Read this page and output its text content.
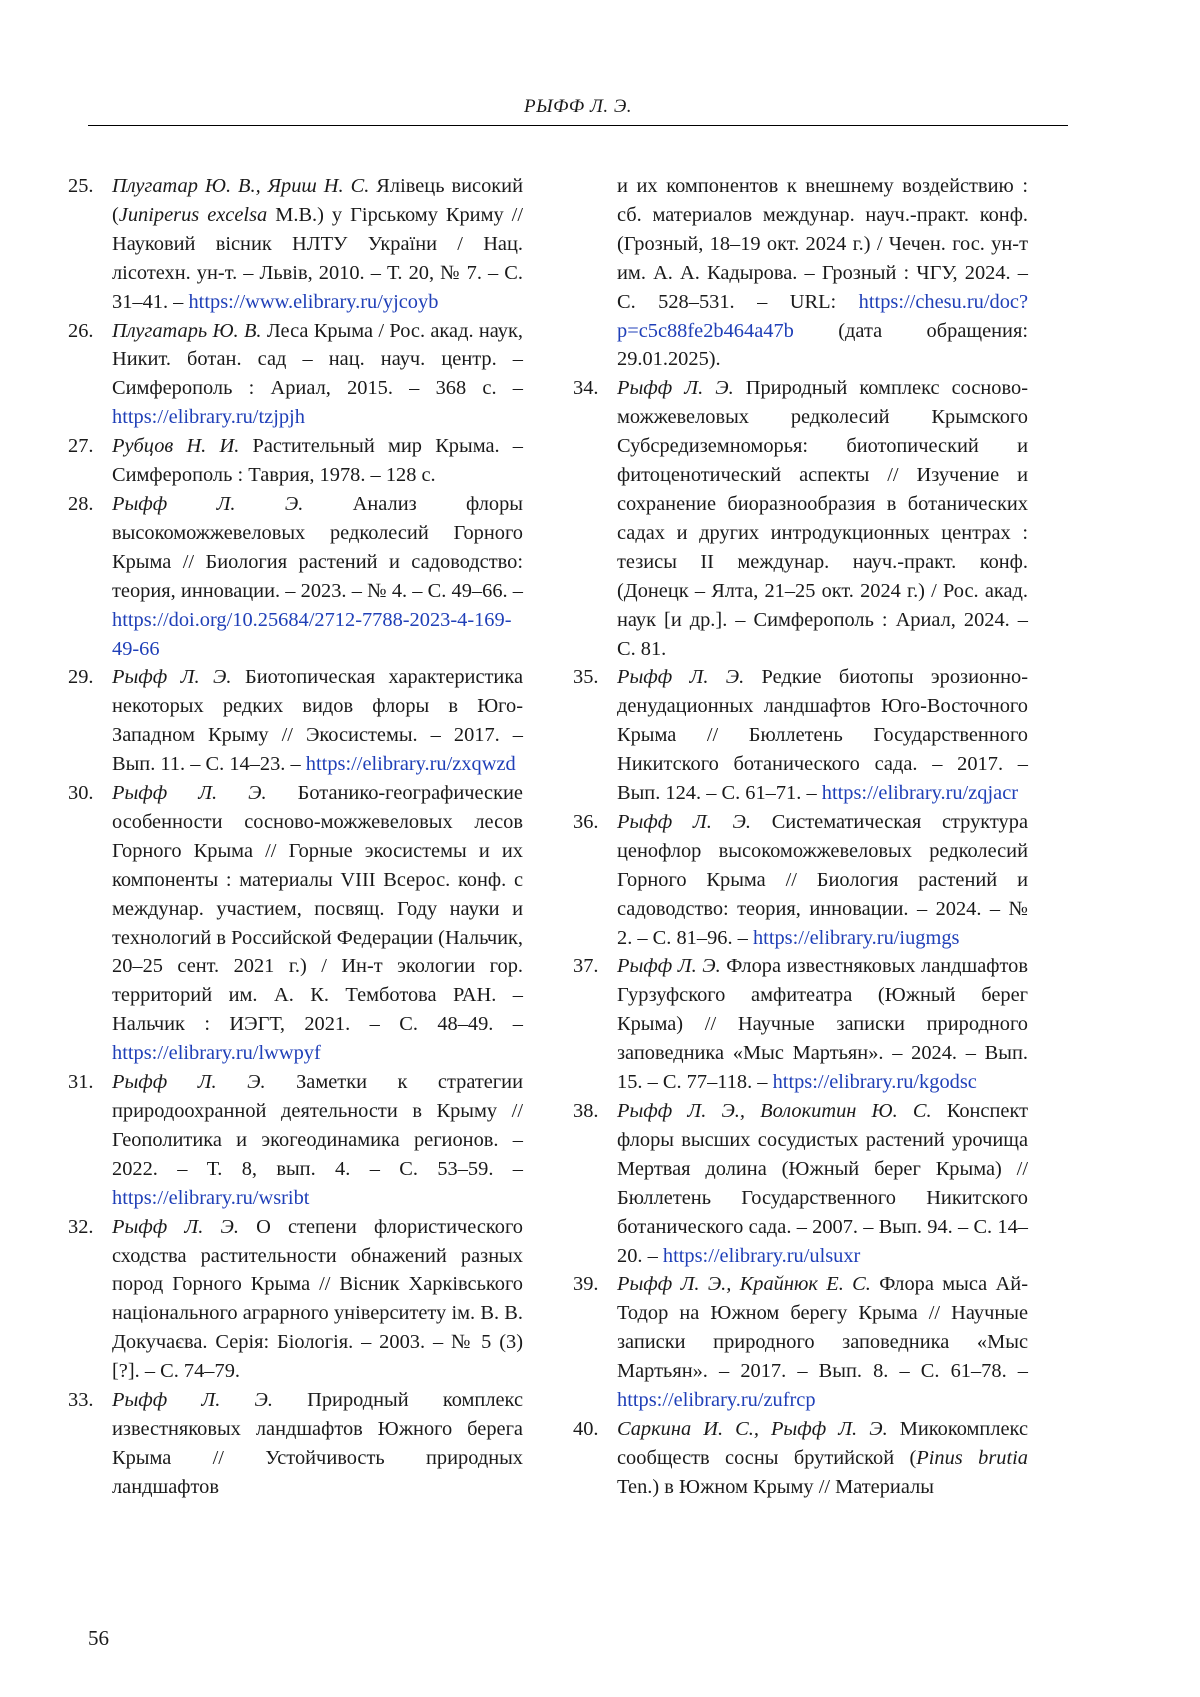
РЫФФ Л. Э.

25. Плугатар Ю. В., Яриш Н. С. Ялівець високий (Juniperus excelsa M.B.) у Гірському Криму // Науковий вісник НЛТУ України / Нац. лісотехн. ун-т. – Львів, 2010. – Т. 20, № 7. – С. 31–41. – https://www.elibrary.ru/yjcoyb

26. Плугатарь Ю. В. Леса Крыма / Рос. акад. наук, Никит. ботан. сад – нац. науч. центр. – Симферополь : Ариал, 2015. – 368 с. – https://elibrary.ru/tzjpjh

27. Рубцов Н. И. Растительный мир Крыма. – Симферополь : Таврия, 1978. – 128 с.

28. Рыфф Л. Э. Анализ флоры высокоможжевеловых редколесий Горного Крыма // Биология растений и садоводство: теория, инновации. – 2023. – № 4. – С. 49–66. – https://doi.org/10.25684/2712-7788-2023-4-169-49-66

29. Рыфф Л. Э. Биотопическая характеристика некоторых редких видов флоры в Юго-Западном Крыму // Экосистемы. – 2017. – Вып. 11. – С. 14–23. – https://elibrary.ru/zxqwzd

30. Рыфф Л. Э. Ботанико-географические особенности сосново-можжевеловых лесов Горного Крыма // Горные экосистемы и их компоненты : материалы VIII Всерос. конф. с междунар. участием, посвящ. Году науки и технологий в Российской Федерации (Нальчик, 20–25 сент. 2021 г.) / Ин-т экологии гор. территорий им. А. К. Темботова РАН. – Нальчик : ИЭГТ, 2021. – С. 48–49. – https://elibrary.ru/lwwpyf

31. Рыфф Л. Э. Заметки к стратегии природоохранной деятельности в Крыму // Геополитика и экогеодинамика регионов. – 2022. – Т. 8, вып. 4. – С. 53–59. – https://elibrary.ru/wsribt

32. Рыфф Л. Э. О степени флористического сходства растительности обнажений разных пород Горного Крыма // Вісник Харківського національного аграрного університету ім. В. В. Докучаєва. Серія: Біологія. – 2003. – № 5 (3)[?]. – С. 74–79.

33. Рыфф Л. Э. Природный комплекс известняковых ландшафтов Южного берега Крыма // Устойчивость природных ландшафтов

и их компонентов к внешнему воздействию : сб. материалов междунар. науч.-практ. конф. (Грозный, 18–19 окт. 2024 г.) / Чечен. гос. ун-т им. А. А. Кадырова. – Грозный : ЧГУ, 2024. – С. 528–531. – URL: https://chesu.ru/doc?p=c5c88fe2b464a47b (дата обращения: 29.01.2025).

34. Рыфф Л. Э. Природный комплекс сосново-можжевеловых редколесий Крымского Субсредиземноморья: биотопический и фитоценотический аспекты // Изучение и сохранение биоразнообразия в ботанических садах и других интродукционных центрах : тезисы II междунар. науч.-практ. конф. (Донецк – Ялта, 21–25 окт. 2024 г.) / Рос. акад. наук [и др.]. – Симферополь : Ариал, 2024. – С. 81.

35. Рыфф Л. Э. Редкие биотопы эрозионно-денудационных ландшафтов Юго-Восточного Крыма // Бюллетень Государственного Никитского ботанического сада. – 2017. – Вып. 124. – С. 61–71. – https://elibrary.ru/zqjacr

36. Рыфф Л. Э. Систематическая структура ценофлор высокоможжевеловых редколесий Горного Крыма // Биология растений и садоводство: теория, инновации. – 2024. – № 2. – С. 81–96. – https://elibrary.ru/iugmgs

37. Рыфф Л. Э. Флора известняковых ландшафтов Гурзуфского амфитеатра (Южный берег Крыма) // Научные записки природного заповедника «Мыс Мартьян». – 2024. – Вып. 15. – С. 77–118. – https://elibrary.ru/kgodsc

38. Рыфф Л. Э., Волокитин Ю. С. Конспект флоры высших сосудистых растений урочища Мертвая долина (Южный берег Крыма) // Бюллетень Государственного Никитского ботанического сада. – 2007. – Вып. 94. – С. 14–20. – https://elibrary.ru/ulsuxr

39. Рыфф Л. Э., Крайнюк Е. С. Флора мыса Ай-Тодор на Южном берегу Крыма // Научные записки природного заповедника «Мыс Мартьян». – 2017. – Вып. 8. – С. 61–78. – https://elibrary.ru/zufrcp

40. Саркина И. С., Рыфф Л. Э. Микокомплекс сообществ сосны брутийской (Pinus brutia Ten.) в Южном Крыму // Материалы

56
